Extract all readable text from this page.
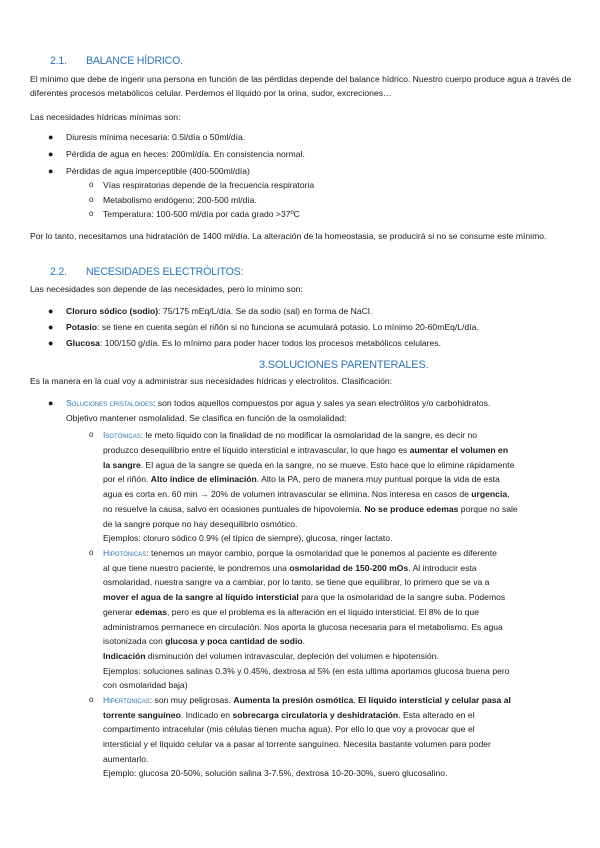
2.1. BALANCE HÍDRICO.
El mínimo que debe de ingerir una persona en función de las pérdidas depende del balance hídrico. Nuestro cuerpo produce agua a través de diferentes procesos metabólicos celular. Perdemos el líquido por la orina, sudor, excreciones…
Las necesidades hídricas mínimas son:
● Diuresis mínima necesaria: 0.5l/día o 50ml/día.
● Pérdida de agua en heces: 200ml/día. En consistencia normal.
● Pérdidas de agua imperceptible (400-500ml/día)
o Vías respiratorias depende de la frecuencia respiratoria
o Metabolismo endógeno; 200-500 ml/día.
o Temperatura: 100-500 ml/día por cada grado >37ºC
Por lo tanto, necesitamos una hidratación de 1400 ml/día. La alteración de la homeostasia, se producirá si no se consume este mínimo.
2.2. NECESIDADES ELECTRÓLITOS:
Las necesidades son depende de las necesidades, pero lo mínimo son:
● Cloruro sódico (sodio): 75/175 mEq/L/día. Se da sodio (sal) en forma de NaCl.
● Potasio: se tiene en cuenta según el riñón si no funciona se acumulará potasio. Lo mínimo 20-60mEq/L/día.
● Glucosa: 100/150 g/día. Es lo mínimo para poder hacer todos los procesos metabólicos celulares.
3.SOLUCIONES PARENTERALES.
Es la manera en la cual voy a administrar sus necesidades hídricas y electrolitos. Clasificación:
● Soluciones cristaloides: son todos aquellos compuestos por agua y sales ya sean electrólitos y/o carbohidratos.
Objetivo mantener osmolalidad. Se clasifica en función de la osmolalidad:
o Isotónicas: le meto líquido con la finalidad de no modificar la osmolaridad de la sangre, es decir no
produzco desequilibrio entre el líquido intersticial e intravascular, lo que hago es aumentar el volumen en
la sangre. El agua de la sangre se queda en la sangre, no se mueve. Esto hace que lo elimine rápidamente
por el riñón. Alto índice de eliminación. Alto la PA, pero de manera muy puntual porque la vida de esta
agua es corta en. 60 min → 20% de volumen intravascular se elimina. Nos interesa en casos de urgencia,
no resuelve la causa, salvo en ocasiones puntuales de hipovolemia. No se produce edemas porque no sale
de la sangre porque no hay desequilibrio osmótico.
Ejemplos: cloruro sódico 0.9% (el típico de siempre), glucosa, ringer lactato.
o Hipotónicas: tenemos un mayor cambio, porque la osmolaridad que le ponemos al paciente es diferente
al que tiene nuestro paciente, le pondremos una osmolaridad de 150-200 mOs. Al introducir esta
osmolaridad, nuestra sangre va a cambiar, por lo tanto, se tiene que equilibrar, lo primero que se va a
mover el agua de la sangre al líquido intersticial para que la osmolaridad de la sangre suba. Podemos
generar edemas, pero es que el problema es la alteración en el líquido intersticial. El 8% de lo que
administramos permanece en circulación. Nos aporta la glucosa necesaria para el metabolismo. Es agua
isotonizada con glucosa y poca cantidad de sodio.
Indicación disminución del volumen intravascular, depleción del volumen e hipotensión.
Ejemplos: soluciones salinas 0.3% y 0.45%, dextrosa al 5% (en esta ultima aportamos glucosa buena pero
con osmolaridad baja)
o Hipertónicas: son muy peligrosas. Aumenta la presión osmótica. El líquido intersticial y celular pasa al
torrente sanguíneo. Indicado en sobrecarga circulatoria y deshidratación. Esta alterado en el
compartimento intracelular (mis células tienen mucha agua). Por ello lo que voy a provocar que el
intersticial y el líquido celular va a pasar al torrente sanguíneo. Necesita bastante volumen para poder
aumentarlo.
Ejemplo: glucosa 20-50%, solución salina 3-7.5%, dextrosa 10-20-30%, suero glucosalino.
